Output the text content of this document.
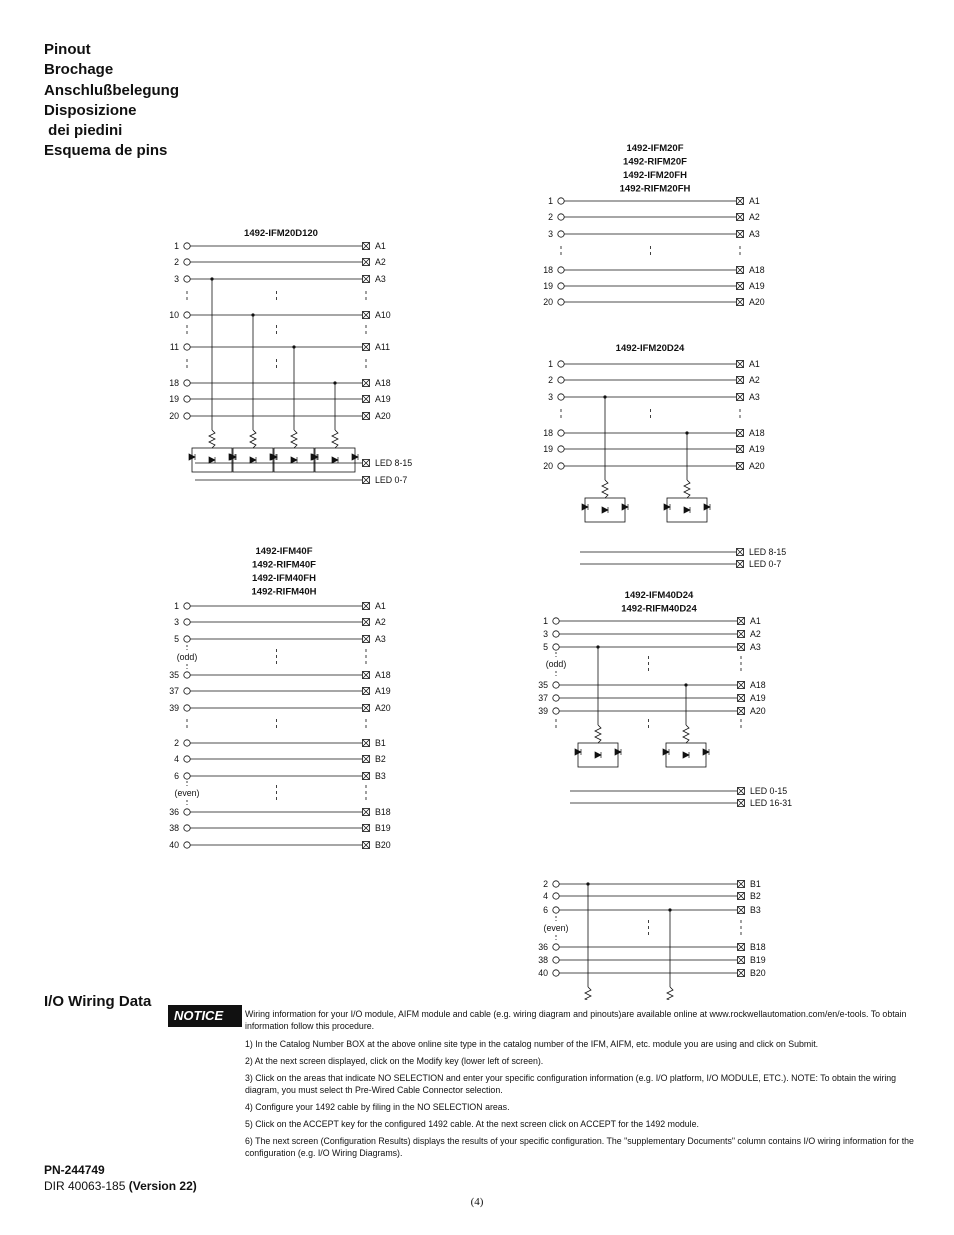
Pinout
Brochage
Anschlußbelegung
Disposizione
dei piedini
Esquema de pins
1492-IFM20D120
1	A1
2	A2
3	A3
10	A10
11	A11
18	A18
19	A19
20	A20
LED 8-15
LED 0-7
1492-IFM20F
1492-RIFM20F
1492-IFM20FH
1492-RIFM20FH
1	A1
2	A2
3	A3
18	A18
19	A19
20	A20
1492-IFM20D24
1	A1
2	A2
3	A3
18	A18
19	A19
20	A20
LED 8-15
LED 0-7
1492-IFM40F
1492-RIFM40F
1492-IFM40FH
1492-RIFM40H
1	A1
3	A2
5	A3
(odd)
35	A18
37	A19
39	A20
2	B1
4	B2
6	B3
(even)
36	B18
38	B19
40	B20
1492-IFM40D24
1492-RIFM40D24
1	A1
3	A2
5	A3
(odd)
35	A18
37	A19
39	A20
2	B1
4	B2
6	B3
(even)
36	B18
38	B19
40	B20
LED 0-15
LED 16-31
I/O Wiring Data
NOTICE	Wiring information for your I/O module, AIFM module and cable (e.g. wiring diagram and pinouts)are available online at www.rockwellautomation.com/en/e-tools. To obtain information follow this procedure.
1) In the Catalog Number BOX at the above online site type in the catalog number of the IFM, AIFM, etc. module you are using and click on Submit.
2) At the next screen displayed, click on the Modify key (lower left of screen).
3) Click on the areas that indicate NO SELECTION and enter your specific configuration information (e.g. I/O platform, I/O MODULE, ETC.). NOTE: To obtain the wiring diagram, you must select th Pre-Wired Cable Connector selection.
4) Configure your 1492 cable by filing in the NO SELECTION areas.
5) Click on the ACCEPT key for the configured 1492 cable. At the next screen click on ACCEPT for the 1492 module.
6) The next screen (Configuration Results) displays the results of your specific configuration. The "supplementary Documents" column contains I/O wiring information for the configuration (e.g. I/O Wiring Diagrams).
PN-244749
DIR 40063-185 (Version 22)
(4)
